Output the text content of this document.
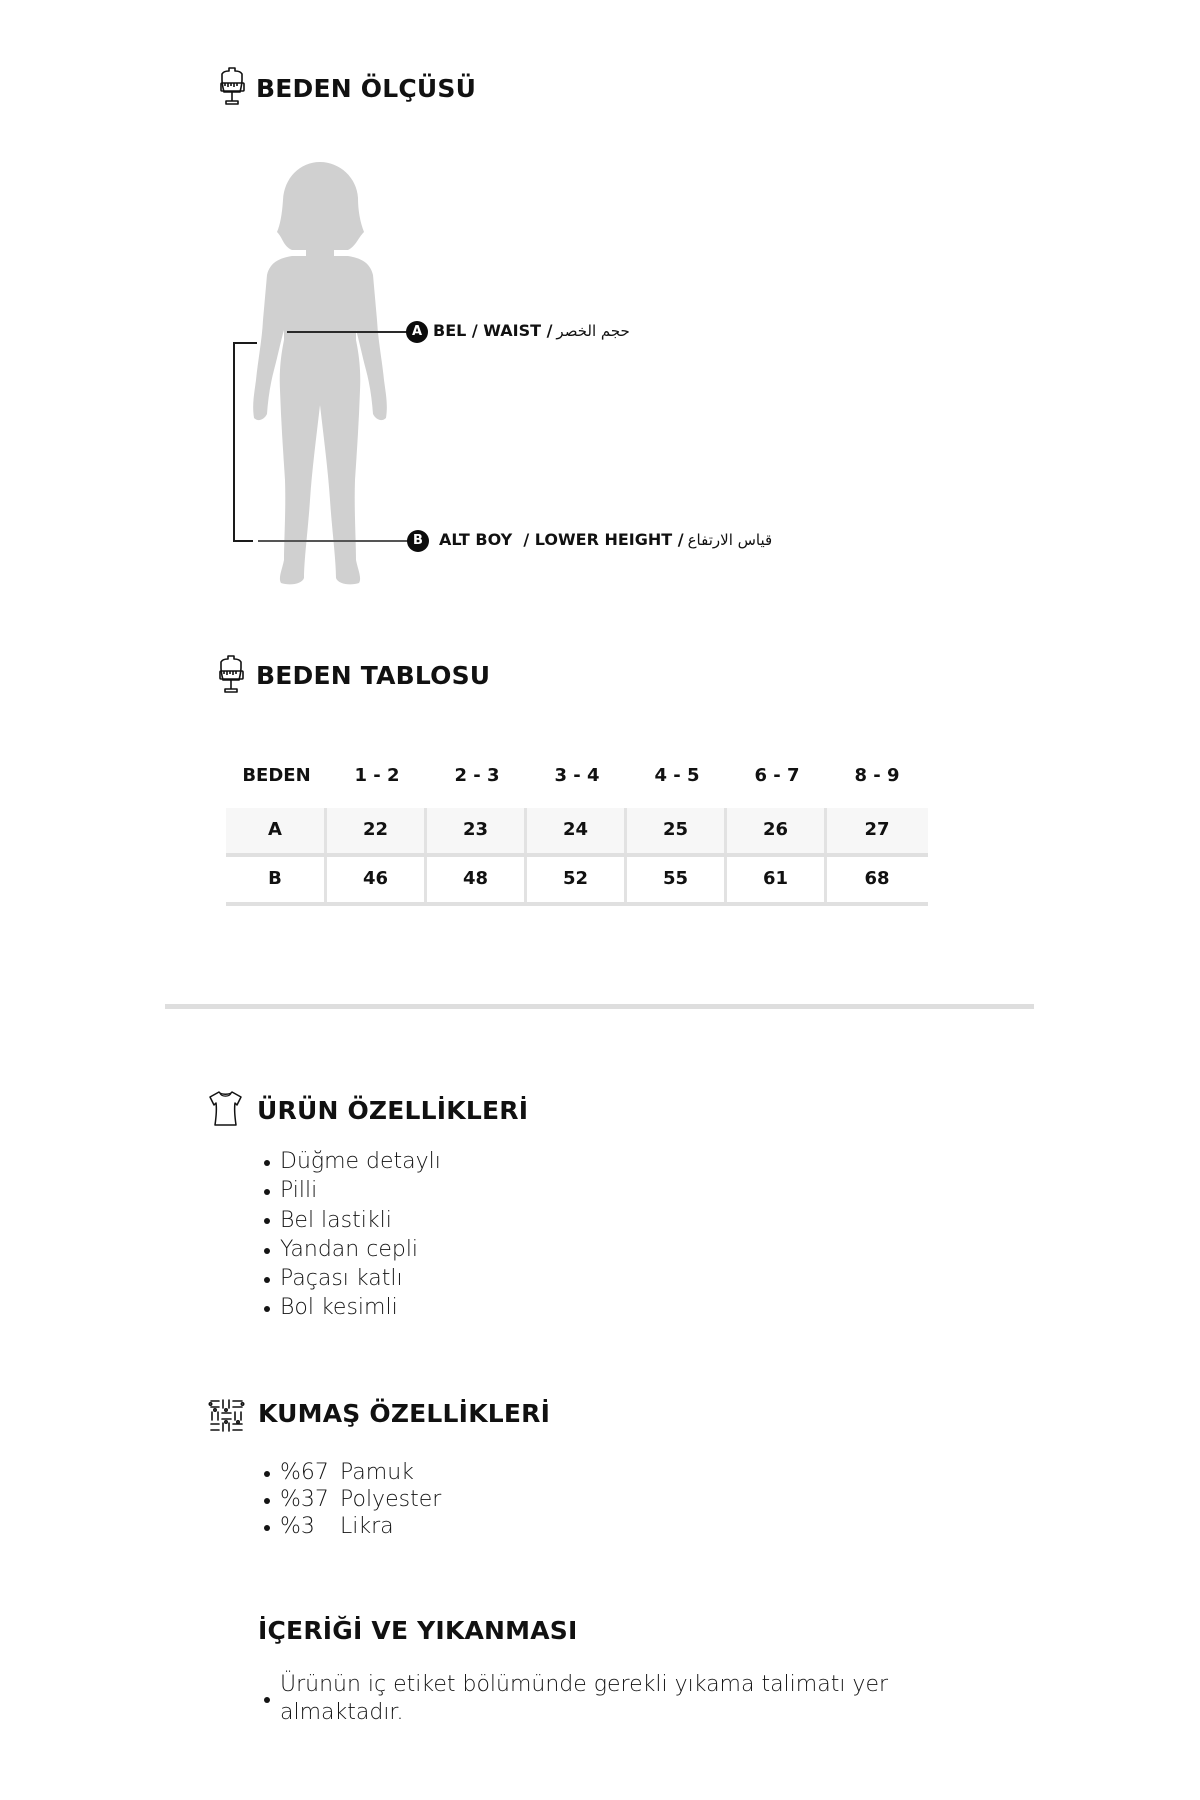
BEDEN ÖLÇÜSÜ
A BEL / WAIST / حجم الخصر
B	ALT BOY  / LOWER HEIGHT / قياس الارتفاع
BEDEN TABLOSU
BEDEN	1 - 2	2 - 3	3 - 4	4 - 5	6 - 7	8 - 9
A	22	23	24	25	26	27
B	46	48	52	55	61	68
ÜRÜN ÖZELLİKLERİ
Düğme detaylı
Pilli
Bel lastikli
Yandan cepli
Paçası katlı
Bol kesimli
KUMAŞ ÖZELLİKLERİ
%67 Pamuk
%37 Polyester
%3 Likra
İÇERİĞİ VE YIKANMASI
Ürünün iç etiket bölümünde gerekli yıkama talimatı yer almaktadır.
